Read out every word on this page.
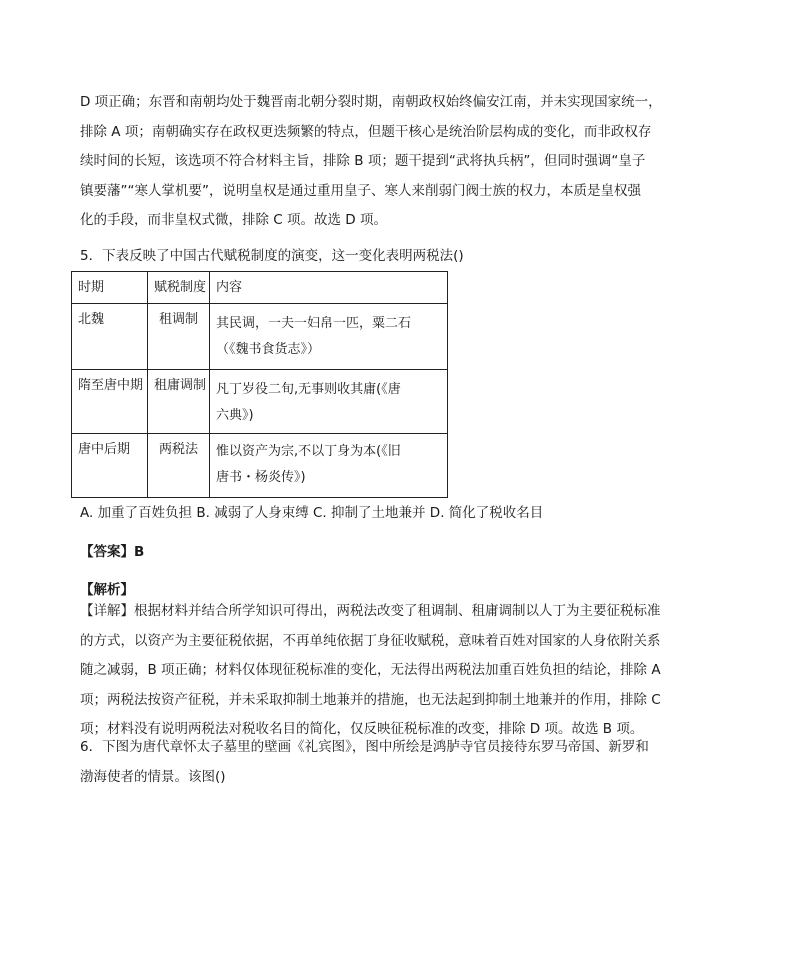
D 项正确；东晋和南朝均处于魏晋南北朝分裂时期，南朝政权始终偏安江南，并未实现国家统一，
排除 A 项；南朝确实存在政权更迭频繁的特点，但题干核心是统治阶层构成的变化，而非政权存
续时间的长短，该选项不符合材料主旨，排除 B 项；题干提到“武将执兵柄”，但同时强调“皇子
镇要藩”“寒人掌机要”，说明皇权是通过重用皇子、寒人来削弱门阀士族的权力，本质是皇权强
化的手段，而非皇权式微，排除 C 项。故选 D 项。
5．下表反映了中国古代赋税制度的演变，这一变化表明两税法()
时期	赋税制度	内容

北魏	租调制	其民调，一夫一妇帛一匹，粟二石
（《魏书食货志》）

隋至唐中期	租庸调制	凡丁岁役二旬,无事则收其庸(《唐
六典》)

唐中后期	两税法	惟以资产为宗,不以丁身为本(《旧
唐书・杨炎传》)
A. 加重了百姓负担 B. 减弱了人身束缚 C. 抑制了土地兼并 D. 简化了税收名目
【答案】B
【解析】
【详解】根据材料并结合所学知识可得出，两税法改变了租调制、租庸调制以人丁为主要征税标准
的方式，以资产为主要征税依据，不再单纯依据丁身征收赋税，意味着百姓对国家的人身依附关系
随之减弱，B 项正确；材料仅体现征税标准的变化，无法得出两税法加重百姓负担的结论，排除 A
项；两税法按资产征税，并未采取抑制土地兼并的措施，也无法起到抑制土地兼并的作用，排除 C
项；材料没有说明两税法对税收名目的简化，仅反映征税标准的改变，排除 D 项。故选 B 项。
6．下图为唐代章怀太子墓里的壁画《礼宾图》，图中所绘是鸿胪寺官员接待东罗马帝国、新罗和
渤海使者的情景。该图()
